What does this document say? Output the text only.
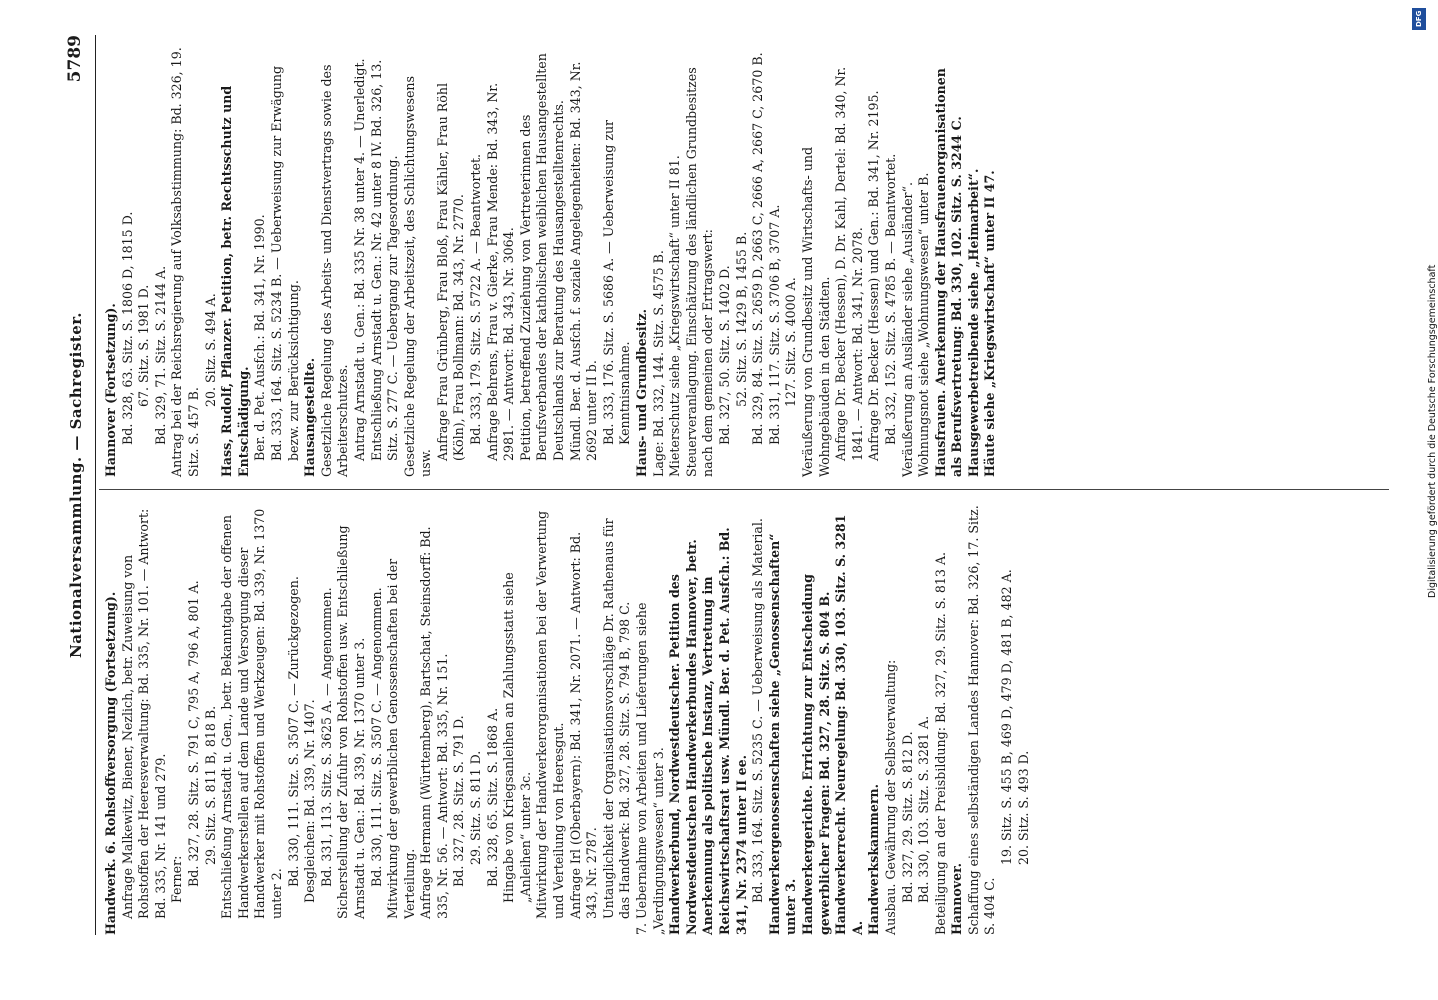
Nationalversammlung. — Sachregister.
5789

Handwerk. 6. Rohstoffversorgung (Fortsetzung). Anfrage Malkewitz, Biener, Nezlich, betr. Zuweisung von Rohstoffen der Heeresverwaltung: Bd. 335, Nr. 101. — Antwort: Bd. 335, Nr. 141 und 279. Ferner: Bd. 327, 28. Sitz. S. 791 C, 795 A, 796 A, 801 A. 29. Sitz. S. 811 B, 818 B. Entschließung Arnstadt u. Gen., betr. Bekanntgabe der offenen Handwerkerstellen auf dem Lande und Versorgung dieser Handwerker mit Rohstoffen und Werkzeugen: Bd. 339, Nr. 1370 unter 2.

Bd. 330, 111. Sitz. S. 3507 C. — Zurückgezogen. Desgleichen: Bd. 339, Nr. 1407. Bd. 331, 113. Sitz. S. 3625 A. — Angenommen. Sicherstellung der Zufuhr von Rohstoffen usw. Entschließung Arnstadt u. Gen.: Bd. 339, Nr. 1370 unter 3. Bd. 330, 111. Sitz. S. 3507 C. — Angenommen. Mitwirkung der gewerblichen Genossenschaften bei der Verteilung. Anfrage Hermann (Württemberg), Bartschat, Steinsdorff: Bd. 335, Nr. 56. — Antwort: Bd. 335, Nr. 151. Bd. 327, 28. Sitz. S. 791 D. 29. Sitz. S. 811 D. Bd. 328, 65. Sitz. S. 1868 A. Hingabe von Kriegsanleihen an Zahlungsstatt siehe „Anleihen“ unter 3c. Mitwirkung der Handwerkerorganisationen bei der Verwertung und Verteilung von Heeresgut. Anfrage Irl (Oberbayern): Bd. 341, Nr. 2071. — Antwort: Bd. 343, Nr. 2787. Untauglichkeit der Organisationsvorschläge Dr. Rathenaus für das Handwerk: Bd. 327, 28. Sitz. S. 794 B, 798 C. 7. Uebernahme von Arbeiten und Lieferungen siehe „Verdingungswesen“ unter 3. Handwerkerbund, Nordwestdeutscher. Petition des Nordwestdeutschen Handwerkerbundes Hannover, betr. Anerkennung als politische Instanz, Vertretung im Reichswirtschaftsrat usw. Mündl. Ber. d. Pet. Ausfch.: Bd. 341, Nr. 2374 unter II ee. Bd. 333, 164. Sitz. S. 5235 C. — Ueberweisung als Material. Handwerkergenossenschaften siehe „Genossenschaften“ unter 3. Handwerkergerichte. Errichtung zur Entscheidung gewerblicher Fragen: Bd. 327, 28. Sitz. S. 804 B. Handwerkerrecht. Neuregelung: Bd. 330, 103. Sitz. S. 3281 A. Handwerkskammern. Ausbau. Gewährung der Selbstverwaltung: Bd. 327, 29. Sitz. S. 812 D. Bd. 330, 103. Sitz. S. 3281 A. Beteiligung an der Preisbildung: Bd. 327, 29. Sitz. S. 813 A. Hannover. Schaffung eines selbständigen Landes Hannover: Bd. 326, 17. Sitz. S. 404 C.

19. Sitz. S. 455 B, 469 D, 479 D, 481 B, 482 A. 20. Sitz. S. 493 D.

Hannover (Fortsetzung). Bd. 328, 63. Sitz. S. 1806 D, 1815 D. 67. Sitz. S. 1981 D. Bd. 329, 71. Sitz. S. 2144 A. Antrag bei der Reichsregierung auf Volksabstimmung: Bd. 326, 19. Sitz. S. 457 B.

20. Sitz. S. 494 A. Hass, Rudolf, Pflanzer. Petition, betr. Rechtsschutz und Entschädigung. Ber. d. Pet. Ausfch.: Bd. 341, Nr. 1990. Bd. 333, 164. Sitz. S. 5234 B. — Ueberweisung zur Erwägung bezw. zur Berücksichtigung. Hausangestellte. Gesetzliche Regelung des Arbeits- und Dienstvertrags sowie des Arbeiterschutzes. Antrag Arnstadt u. Gen.: Bd. 335 Nr. 38 unter 4. — Unerledigt. Entschließung Arnstadt u. Gen.: Nr. 42 unter 8 IV. Bd. 326, 13. Sitz. S. 277 C. — Uebergang zur Tagesordnung. Gesetzliche Regelung der Arbeitszeit, des Schlichtungswesens usw.

Anfrage Frau Grünberg, Frau Bloß, Frau Kähler, Frau Röhl (Köln), Frau Bollmann: Bd. 343, Nr. 2770. Bd. 333, 179. Sitz. S. 5722 A. — Beantwortet. Anfrage Behrens, Frau v. Gierke, Frau Mende: Bd. 343, Nr. 2981. — Antwort: Bd. 343, Nr. 3064. Petition, betreffend Zuziehung von Vertreterinnen des Berufsverbandes der katholischen weiblichen Hausangestellten Deutschlands zur Beratung des Hausangestelltenrechts. Mündl. Ber. d. Ausfch. f. soziale Angelegenheiten: Bd. 343, Nr. 2692 unter II b. Bd. 333, 176. Sitz. S. 5686 A. — Ueberweisung zur Kenntnisnahme. Haus- und Grundbesitz. Lage: Bd. 332, 144. Sitz. S. 4575 B. Mieterschutz siehe „Kriegswirtschaft“ unter II 81. Steuerveranlagung. Einschätzung des ländlichen Grundbesitzes nach dem gemeinen oder Ertragswert: Bd. 327, 50. Sitz. S. 1402 D. 52. Sitz. S. 1429 B, 1455 B. Bd. 329, 84. Sitz. S. 2659 D, 2663 C, 2666 A, 2667 C, 2670 B. Bd. 331, 117. Sitz. S. 3706 B, 3707 A. 127. Sitz. S. 4000 A. Veräußerung von Grundbesitz und Wirtschafts- und Wohngebäuden in den Städten. Anfrage Dr. Becker (Hessen), D. Dr. Kahl, Dertel: Bd. 340, Nr. 1841. — Antwort: Bd. 341, Nr. 2078. Anfrage Dr. Becker (Hessen) und Gen.: Bd. 341, Nr. 2195. Bd. 332, 152. Sitz. S. 4785 B. — Beantwortet. Veräußerung an Ausländer siehe „Ausländer“. Wohnungsnot siehe „Wohnungswesen“ unter B. Hausfrauen. Anerkennung der Hausfrauenorganisationen als Berufsvertretung: Bd. 330, 102. Sitz. S. 3244 C. Hausgewerbetreibende siehe „Heimarbeit“. Häute siehe „Kriegswirtschaft“ unter II 47.

DFG
Digitalisierung gefördert durch die Deutsche Forschungsgemeinschaft
